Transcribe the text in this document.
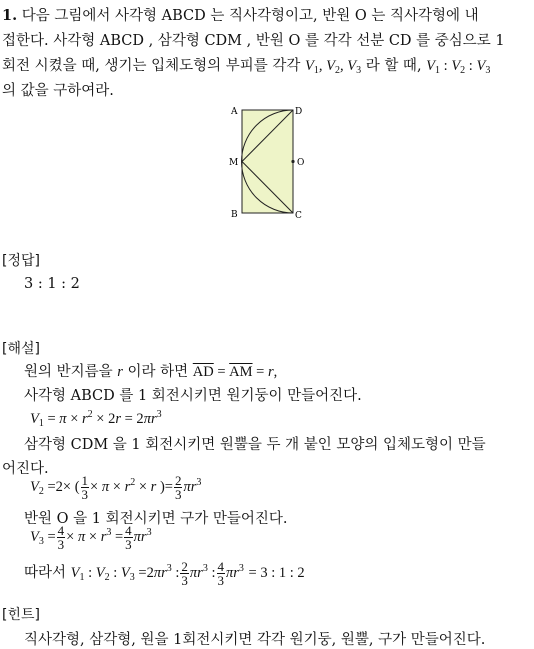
1. 다음 그림에서 사각형 ABCD 는 직사각형이고, 반원 O 는 직사각형에 내
접한다. 사각형 ABCD , 삼각형 CDM , 반원 O 를 각각 선분 CD 를 중심으로 1
회전 시켰을 때, 생기는 입체도형의 부피를 각각 $V_1$, $V_2$, $V_3$ 라 할 때, $V_1$ : $V_2$ : $V_3$
의 값을 구하여라.
A	D
M	O
B	C
[정답]
3 : 1 : 2
[해설]
원의 반지름을 r 이라 하면 $\overline{AD} = \overline{AM} = r$,
사각형 ABCD 를 1 회전시키면 원기둥이 만들어진다.
$V_1 = \pi \times r^2 \times 2r = 2\pi r^3$
삼각형 CDM 을 1 회전시키면 원뿔을 두 개 붙인 모양의 입체도형이 만들
어진다.
$V_2 =2\times$ ( $\frac{1}{3} \times \pi \times r^2 \times r$ )= $\frac{2}{3} \pi r^3$
반원 O 을 1 회전시키면 구가 만들어진다.
$V_3 = \frac{4}{3} \times \pi \times r^3 = \frac{4}{3} \pi r^3$
따라서 $V_1$ : $V_2$ : $V_3 =2\pi r^3$ : $\frac{2}{3} \pi r^3$ : $\frac{4}{3} \pi r^3 = 3$ : 1 : 2
[힌트]
직사각형, 삼각형, 원을 1회전시키면 각각 원기둥, 원뿔, 구가 만들어진다.
